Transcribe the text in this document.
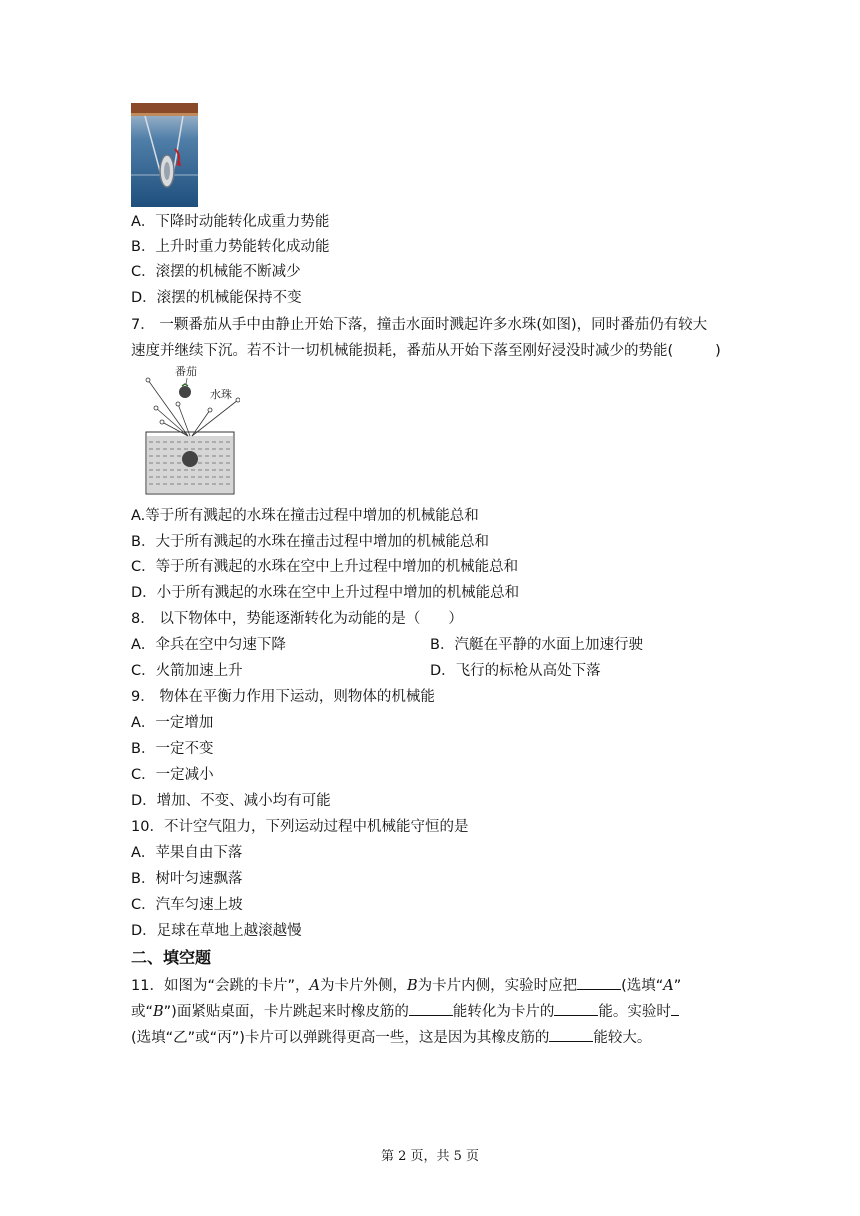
A．下降时动能转化成重力势能
B．上升时重力势能转化成动能
C．滚摆的机械能不断减少
D．滚摆的机械能保持不变
7． 一颗番茄从手中由静止开始下落，撞击水面时溅起许多水珠(如图)，同时番茄仍有较大
速度并继续下沉。若不计一切机械能损耗，番茄从开始下落至刚好浸没时减少的势能(	)
番茄
水珠
A.等于所有溅起的水珠在撞击过程中增加的机械能总和
B．大于所有溅起的水珠在撞击过程中增加的机械能总和
C．等于所有溅起的水珠在空中上升过程中增加的机械能总和
D．小于所有溅起的水珠在空中上升过程中增加的机械能总和
8． 以下物体中，势能逐渐转化为动能的是（ ）
A．伞兵在空中匀速下降	B．汽艇在平静的水面上加速行驶
C．火箭加速上升	D．飞行的标枪从高处下落
9． 物体在平衡力作用下运动，则物体的机械能
A．一定增加
B．一定不变
C．一定减小
D．增加、不变、减小均有可能
10．不计空气阻力，下列运动过程中机械能守恒的是
A．苹果自由下落
B．树叶匀速飘落
C．汽车匀速上坡
D．足球在草地上越滚越慢
二、填空题
11．如图为“会跳的卡片”，A为卡片外侧，B为卡片内侧，实验时应把	(选填“A”
或“B”)面紧贴桌面，卡片跳起来时橡皮筋的	能转化为卡片的	能。实验时
(选填“乙”或“丙”)卡片可以弹跳得更高一些，这是因为其橡皮筋的	能较大。
第 2 页，共 5 页
